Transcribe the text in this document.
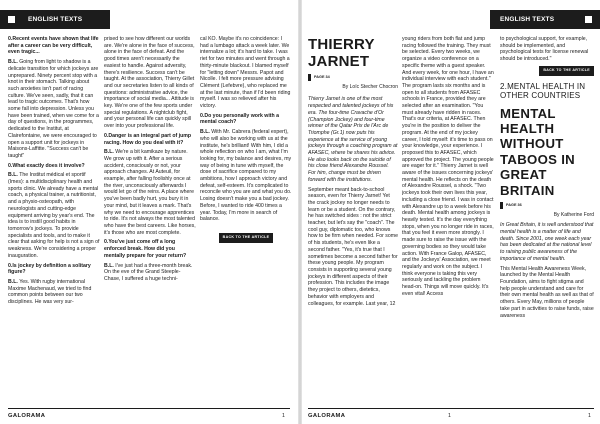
ENGLISH TEXTS

0.Recent events have shown that life after a career can be very difficult, even tragic...

B.L. Going from light to shadow is a delicate transition for which jockeys are unprepared. Ninety percent stop with a knot in their stomach. Talking about such anxieties isn't part of racing culture. We've seen, sadly, that it can lead to tragic outcomes. That's how some fall into depression. Unless you have been trained, when we come for a day of questions, in the programmes, dedicated to the Institut, at Clairefontaine, we were encouraged to open a support unit for jockeys in Maisons-Laffitte. "Success can't be taught"

0.What exactly does it involve?

B.L. The Institut médical et sportif (Imes): a multidisciplinary health and sports clinic. We already have a mental coach, a physical trainer, a nutritionist, and a physio-osteopath, with neurologists and cutting-edge equipment arriving by year's end. The idea is to instill good habits in tomorrow's jockeys. To provide specialists and tools, and to make it clear that asking for help is not a sign of weakness. We're considering a proper inauguration.

0.Is jockey by definition a solitary figure?

B.L. Yes. With rugby international Maxime Machenaud, we tried to find common points between our two disciplines. He was very sur-

prised to see how different our worlds are. We're alone in the face of success, alone in the face of defeat. And the good times aren't necessarily the easiest to handle. Against adversity, there's resilience. Success can't be taught. At the association, Thierry Gillet and our secretaries listen to all kinds of questions: administrative advice, the importance of social media... Attitude is key. We're one of the few sports under special regulations. A nightclub fight, and your personal life can quickly spill over into your professional life.

0.Danger is an integral part of jump racing. How do you deal with it?

B.L. We're a bit kamikaze by nature. We grow up with it. After a serious accident, consciously or not, your approach changes. At Auteuil, for example, after falling foolishly once at the river, unconsciously afterwards I would let go of the reins. A place where you've been badly hurt, you bury it in your mind, but it leaves a mark. That's why we need to encourage apprentices to ride. It's not always the most talented who have the best careers. Like horses, it's those who are most complete.

0.You've just come off a long enforced break. How did you mentally prepare for your return?

B.L. I've just had a three-month break. On the eve of the Grand Steeple-Chase, I suffered a huge techni-

cal KO. Maybe it's no coincidence: I had a lumbago attack a week later. We internalize a lot; it's hard to take. I was riet for two minutes and went through a thirty-minute blackout. I blamed myself for "letting down" Messrs. Papot and Nicolle. I felt more pressure advising Clément (Lefebvre), who replaced me at the last minute, than if I'd been riding myself. I was so relieved after his victory.

0.Do you personally work with a mental coach?

B.L. With Mr. Cabrera (federal expert), who will also be working with us at the institute, he's brilliant! With him, I did a whole reflection on who I am, what I'm looking for, my balance and desires, my way of being in tune with myself, the dose of sacrifice compared to my ambitions, how I approach victory and defeat, self-esteem. It's complicated to reconcile who you are and what you do. Losing doesn't make you a bad jockey. Before, I wanted to ride 400 times a year. Today, I'm more in search of balance.

BACK TO THE ARTICLE
GALORAMA	1
ENGLISH TEXTS
THIERRY
JARNET
PAGE 34
By Loïc Stecher Chocron

Thierry Jarnet is one of the most respected and talented jockeys of his era. The four-time Cravache d'Or (Champion Jockey) and four-time winner of the Qatar Prix de l'Arc de Triomphe (Gr.1) now puts his experience at the service of young jockeys through a coaching program at AFASEC, where he shares his advice. He also looks back on the suicide of his close friend Alexandre Roussel. For him, change must be driven forward with the institutions.

September meant back-to-school season, even for Thierry Jarnet! Yet the crack jockey no longer needs to learn or be a student. On the contrary, he has switched sides : not the strict teacher, but let's say the "coach". The cool guy, diplomatic too, who knows how to be firm when needed. For some of his students, he's even like a second father. "Yes, it's true that I sometimes become a second father for these young people. My program consists in supporting several young jockeys in different aspects of their profession. This includes the image they project to others, dietetics, behavior with employers and colleagues, for example. Last year, 12

young riders from both flat and jump racing followed the training. They must be selected. Every two weeks, we organize a video conference on a specific theme with a guest speaker. And every week, for one hour, I have an individual interview with each student." The program lasts six months and is open to all students from AFASEC schools in France, provided they are selected after an examination. "You must already have ridden in races. That's our criteria, at AFASEC. Then you're in the position to deliver the program. At the end of my jockey career, I told myself: it's time to pass on your knowledge, your experience. I proposed this to AFASEC, which approved the project. The young people are eager for it." Thierry Jarnet is well aware of the issues concerning jockeys' mental health. He reflects on the death of Alexandre Roussel, a shock. "Two jockeys took their own lives this year, including a close friend. I was in contact with Alexandre up to a week before his death. Mental health among jockeys is heavily tested. It's the day everything stops, when you no longer ride in races, that you feel it even more strongly. I made sure to raise the issue with the governing bodies so they would take action. With France Galop, AFASEC, and the Jockeys' Association, we meet regularly and work on the subject. I think everyone is taking this very seriously and tackling the problem head-on. Things will move quickly. It's even vital! Access

to psychological support, for example, should be implemented, and psychological tests for license renewal should be introduced."

BACK TO THE ARTICLE
2.MENTAL HEALTH IN OTHER COUNTRIES
MENTAL HEALTH WITHOUT TABOOS IN GREAT BRITAIN
PAGE 36
By Katherine Ford

In Great Britain, it is well understood that mental health is a matter of life and death. Since 2001, one week each year has been dedicated at the national level to raising public awareness of the importance of mental health.

This Mental Health Awareness Week, launched by the Mental Health Foundation, aims to fight stigma and help people understand and care for their own mental health as well as that of others. Every May, millions of people take part in activities to raise funds, raise awareness

GALORAMA	1	1
